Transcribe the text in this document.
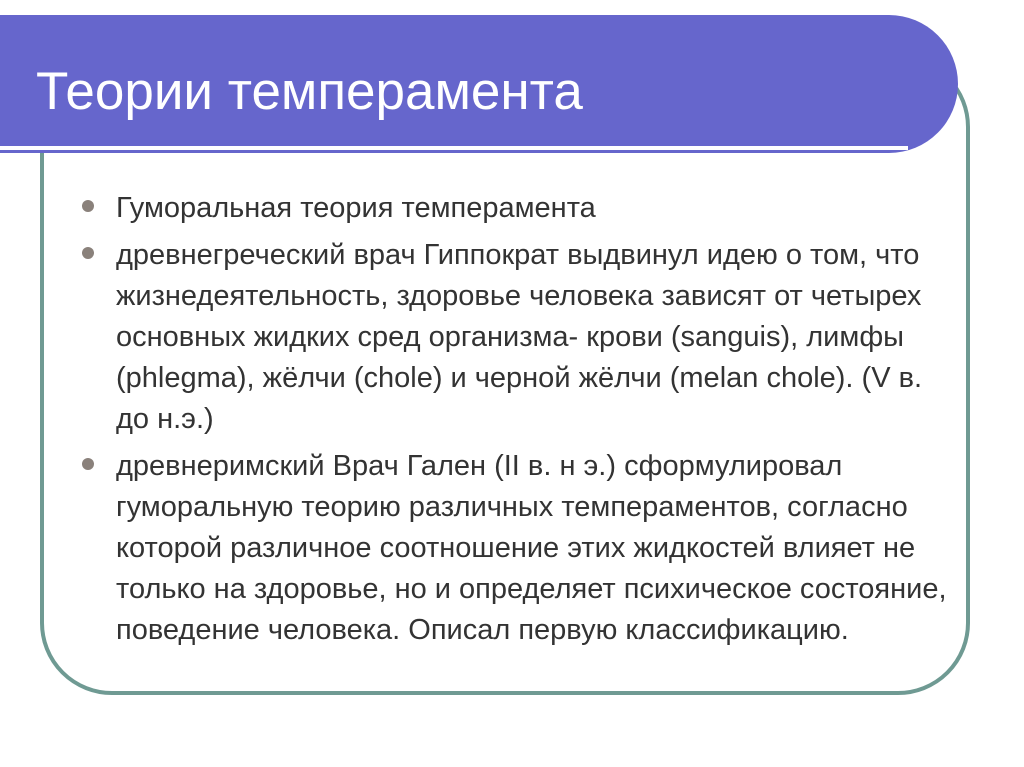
Теории темперамента
Гуморальная теория темперамента
древнегреческий врач Гиппократ выдвинул идею о том, что жизнедеятельность, здоровье человека зависят от четырех основных жидких сред организма- крови (sanguis), лимфы (phlegma), жёлчи (chole) и черной жёлчи (melan chole). (V в. до н.э.)
древнеримский Врач Гален (II в. н э.) сформулировал гуморальную теорию различных темпераментов, согласно которой различное соотношение этих жидкостей влияет не только на здоровье, но и определяет психическое состояние, поведение человека. Описал первую классификацию.
